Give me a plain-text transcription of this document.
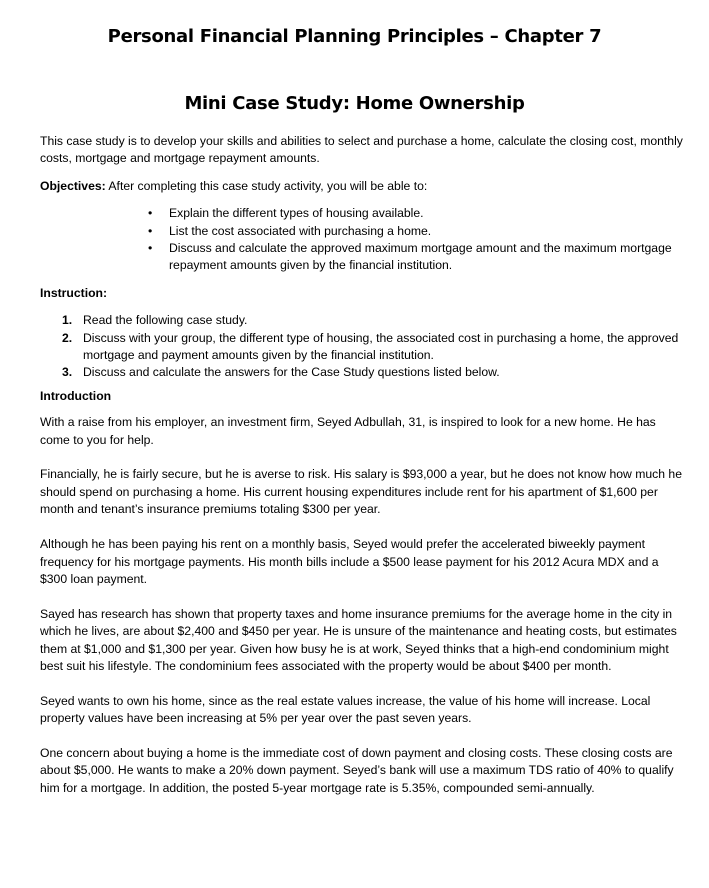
Personal Financial Planning Principles – Chapter 7
Mini Case Study: Home Ownership

This case study is to develop your skills and abilities to select and purchase a home, calculate the closing cost, monthly costs, mortgage and mortgage repayment amounts.

Objectives: After completing this case study activity, you will be able to:

• Explain the different types of housing available.
• List the cost associated with purchasing a home.
• Discuss and calculate the approved maximum mortgage amount and the maximum mortgage repayment amounts given by the financial institution.

Instruction:

1. Read the following case study.
2. Discuss with your group, the different type of housing, the associated cost in purchasing a home, the approved mortgage and payment amounts given by the financial institution.
3. Discuss and calculate the answers for the Case Study questions listed below.

Introduction

With a raise from his employer, an investment firm, Seyed Adbullah, 31, is inspired to look for a new home. He has come to you for help.

Financially, he is fairly secure, but he is averse to risk. His salary is $93,000 a year, but he does not know how much he should spend on purchasing a home. His current housing expenditures include rent for his apartment of $1,600 per month and tenant’s insurance premiums totaling $300 per year.

Although he has been paying his rent on a monthly basis, Seyed would prefer the accelerated biweekly payment frequency for his mortgage payments. His month bills include a $500 lease payment for his 2012 Acura MDX and a $300 loan payment.

Sayed has research has shown that property taxes and home insurance premiums for the average home in the city in which he lives, are about $2,400 and $450 per year. He is unsure of the maintenance and heating costs, but estimates them at $1,000 and $1,300 per year. Given how busy he is at work, Seyed thinks that a high-end condominium might best suit his lifestyle. The condominium fees associated with the property would be about $400 per month.

Seyed wants to own his home, since as the real estate values increase, the value of his home will increase. Local property values have been increasing at 5% per year over the past seven years.

One concern about buying a home is the immediate cost of down payment and closing costs. These closing costs are about $5,000. He wants to make a 20% down payment. Seyed’s bank will use a maximum TDS ratio of 40% to qualify him for a mortgage. In addition, the posted 5-year mortgage rate is 5.35%, compounded semi-annually.
